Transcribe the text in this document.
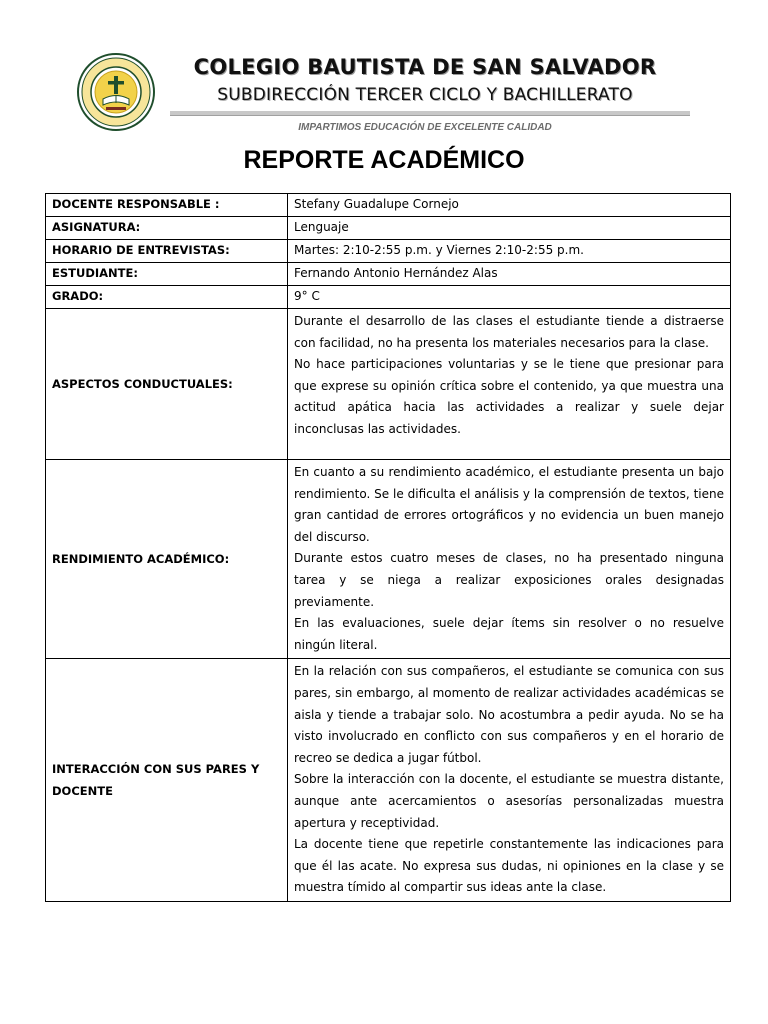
COLEGIO BAUTISTA DE SAN SALVADOR
SUBDIRECCIÓN TERCER CICLO Y BACHILLERATO
IMPARTIMOS EDUCACIÓN DE EXCELENTE CALIDAD
REPORTE ACADÉMICO
DOCENTE RESPONSABLE :	Stefany Guadalupe Cornejo
ASIGNATURA:	Lenguaje
HORARIO DE ENTREVISTAS:	Martes: 2:10-2:55 p.m. y Viernes 2:10-2:55 p.m.
ESTUDIANTE:	Fernando Antonio Hernández Alas
GRADO:	9° C
ASPECTOS CONDUCTUALES:	Durante el desarrollo de las clases el estudiante tiende a distraerse con facilidad, no ha presenta los materiales necesarios para la clase.
No hace participaciones voluntarias y se le tiene que presionar para que exprese su opinión crítica sobre el contenido, ya que muestra una actitud apática hacia las actividades a realizar y suele dejar inconclusas las actividades.

RENDIMIENTO ACADÉMICO:	En cuanto a su rendimiento académico, el estudiante presenta un bajo rendimiento. Se le dificulta el análisis y la comprensión de textos, tiene gran cantidad de errores ortográficos y no evidencia un buen manejo del discurso.
Durante estos cuatro meses de clases, no ha presentado ninguna tarea y se niega a realizar exposiciones orales designadas previamente.
En las evaluaciones, suele dejar ítems sin resolver o no resuelve ningún literal.

INTERACCIÓN CON SUS PARES Y DOCENTE	En la relación con sus compañeros, el estudiante se comunica con sus pares, sin embargo, al momento de realizar actividades académicas se aisla y tiende a trabajar solo. No acostumbra a pedir ayuda. No se ha visto involucrado en conflicto con sus compañeros y en el horario de recreo se dedica a jugar fútbol.
Sobre la interacción con la docente, el estudiante se muestra distante, aunque ante acercamientos o asesorías personalizadas muestra apertura y receptividad.
La docente tiene que repetirle constantemente las indicaciones para que él las acate. No expresa sus dudas, ni opiniones en la clase y se muestra tímido al compartir sus ideas ante la clase.
